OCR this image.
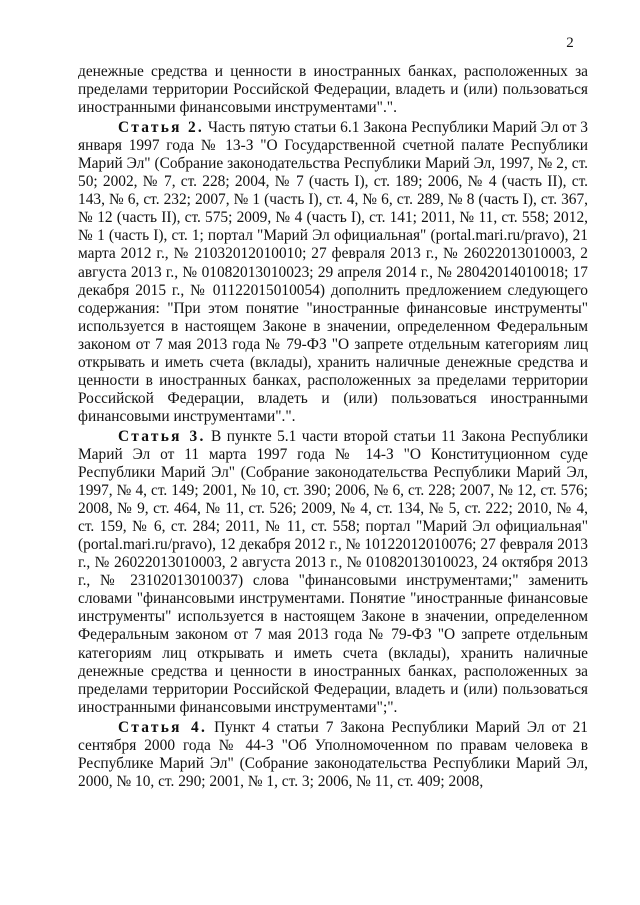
2

денежные средства и ценности в иностранных банках, расположенных за пределами территории Российской Федерации, владеть и (или) пользоваться иностранными финансовыми инструментами".".

Статья 2. Часть пятую статьи 6.1 Закона Республики Марий Эл от 3 января 1997 года № 13-З "О Государственной счетной палате Республики Марий Эл" (Собрание законодательства Республики Марий Эл, 1997, № 2, ст. 50; 2002, № 7, ст. 228; 2004, № 7 (часть I), ст. 189; 2006, № 4 (часть II), ст. 143, № 6, ст. 232; 2007, № 1 (часть I), ст. 4, № 6, ст. 289, № 8 (часть I), ст. 367, № 12 (часть II), ст. 575; 2009, № 4 (часть I), ст. 141; 2011, № 11, ст. 558; 2012, № 1 (часть I), ст. 1; портал "Марий Эл официальная" (portal.mari.ru/pravo), 21 марта 2012 г., № 21032012010010; 27 февраля 2013 г., № 26022013010003, 2 августа 2013 г., № 01082013010023; 29 апреля 2014 г., № 28042014010018; 17 декабря 2015 г., № 01122015010054) дополнить предложением следующего содержания: "При этом понятие "иностранные финансовые инструменты" используется в настоящем Законе в значении, определенном Федеральным законом от 7 мая 2013 года № 79-ФЗ "О запрете отдельным категориям лиц открывать и иметь счета (вклады), хранить наличные денежные средства и ценности в иностранных банках, расположенных за пределами территории Российской Федерации, владеть и (или) пользоваться иностранными финансовыми инструментами".".

Статья 3. В пункте 5.1 части второй статьи 11 Закона Республики Марий Эл от 11 марта 1997 года № 14-З "О Конституционном суде Республики Марий Эл" (Собрание законодательства Республики Марий Эл, 1997, № 4, ст. 149; 2001, № 10, ст. 390; 2006, № 6, ст. 228; 2007, № 12, ст. 576; 2008, № 9, ст. 464, № 11, ст. 526; 2009, № 4, ст. 134, № 5, ст. 222; 2010, № 4, ст. 159, № 6, ст. 284; 2011, № 11, ст. 558; портал "Марий Эл официальная" (portal.mari.ru/pravo), 12 декабря 2012 г., № 10122012010076; 27 февраля 2013 г., № 26022013010003, 2 августа 2013 г., № 01082013010023, 24 октября 2013 г., № 23102013010037) слова "финансовыми инструментами;" заменить словами "финансовыми инструментами. Понятие "иностранные финансовые инструменты" используется в настоящем Законе в значении, определенном Федеральным законом от 7 мая 2013 года № 79-ФЗ "О запрете отдельным категориям лиц открывать и иметь счета (вклады), хранить наличные денежные средства и ценности в иностранных банках, расположенных за пределами территории Российской Федерации, владеть и (или) пользоваться иностранными финансовыми инструментами";".

Статья 4. Пункт 4 статьи 7 Закона Республики Марий Эл от 21 сентября 2000 года № 44-З "Об Уполномоченном по правам человека в Республике Марий Эл" (Собрание законодательства Республики Марий Эл, 2000, № 10, ст. 290; 2001, № 1, ст. 3; 2006, № 11, ст. 409; 2008,
